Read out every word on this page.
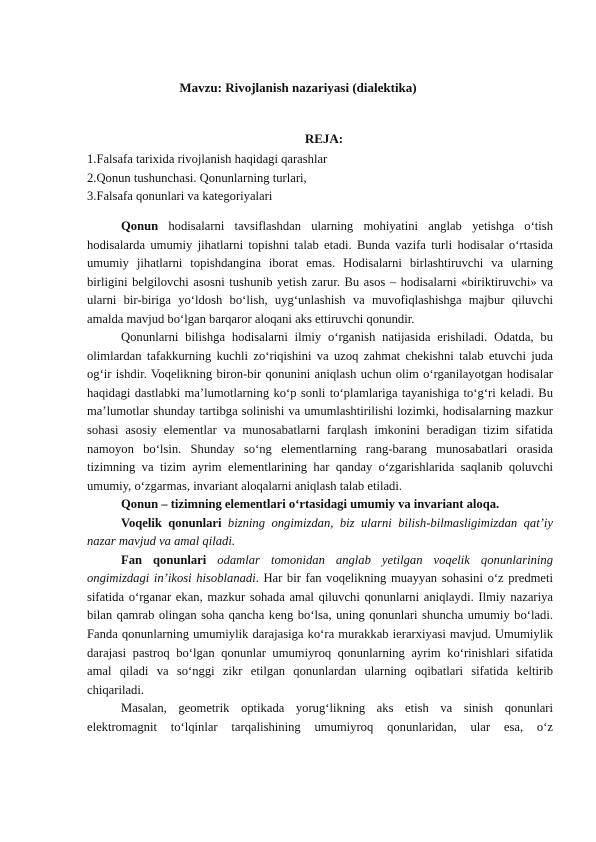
Mavzu: Rivojlanish nazariyasi (dialektika)
REJA:
1.Falsafa tarixida rivojlanish haqidagi qarashlar
2.Qonun tushunchasi. Qonunlarning turlari,
3.Falsafa qonunlari va kategoriyalari

Qonun hodisalarni tavsiflashdan ularning mohiyatini anglab yetishga o‘tish hodisalarda umumiy jihatlarni topishni talab etadi. Bunda vazifa turli hodisalar o‘rtasida umumiy jihatlarni topishdangina iborat emas. Hodisalarni birlashtiruvchi va ularning birligini belgilovchi asosni tushunib yetish zarur. Bu asos – hodisalarni «biriktiruvchi» va ularni bir-biriga yo‘ldosh bo‘lish, uyg‘unlashish va muvofiqlashishga majbur qiluvchi amalda mavjud bo‘lgan barqaror aloqani aks ettiruvchi qonundir.

Qonunlarni bilishga hodisalarni ilmiy o‘rganish natijasida erishiladi. Odatda, bu olimlardan tafakkurning kuchli zo‘riqishini va uzoq zahmat chekishni talab etuvchi juda og‘ir ishdir. Voqelikning biron-bir qonunini aniqlash uchun olim o‘rganilayotgan hodisalar haqidagi dastlabki ma’lumotlarning ko‘p sonli to‘plamlariga tayanishiga to‘g‘ri keladi. Bu ma’lumotlar shunday tartibga solinishi va umumlashtirilishi lozimki, hodisalarning mazkur sohasi asosiy elementlar va munosabatlarni farqlash imkonini beradigan tizim sifatida namoyon bo‘lsin. Shunday so‘ng elementlarning rang-barang munosabatlari orasida tizimning va tizim ayrim elementlarining har qanday o‘zgarishlarida saqlanib qoluvchi umumiy, o‘zgarmas, invariant aloqalarni aniqlash talab etiladi.

Qonun – tizimning elementlari o‘rtasidagi umumiy va invariant aloqa.

Voqelik qonunlari bizning ongimizdan, biz ularni bilish-bilmasligimizdan qat’iy nazar mavjud va amal qiladi.

Fan qonunlari odamlar tomonidan anglab yetilgan voqelik qonunlarining ongimizdagi in’ikosi hisoblanadi. Har bir fan voqelikning muayyan sohasini o‘z predmeti sifatida o‘rganar ekan, mazkur sohada amal qiluvchi qonunlarni aniqlaydi. Ilmiy nazariya bilan qamrab olingan soha qancha keng bo‘lsa, uning qonunlari shuncha umumiy bo‘ladi. Fanda qonunlarning umumiylik darajasiga ko‘ra murakkab ierarxiyasi mavjud. Umumiylik darajasi pastroq bo‘lgan qonunlar umumiyroq qonunlarning ayrim ko‘rinishlari sifatida amal qiladi va so‘nggi zikr etilgan qonunlardan ularning oqibatlari sifatida keltirib chiqariladi.

Masalan, geometrik optikada yorug‘likning aks etish va sinish qonunlari elektromagnit to‘lqinlar tarqalishining umumiyroq qonunlaridan, ular esa, o‘z
